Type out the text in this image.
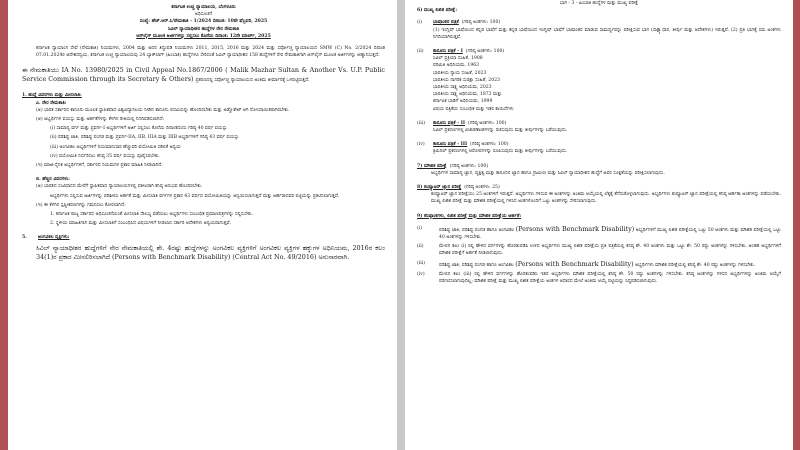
ಕರ್ನಾಟಕ ಉಚ್ಚ ನ್ಯಾಯಾಲಯ, ಬೆಂಗಳೂರು
ಅಧಿಸೂಚನೆ
ಸಂಖ್ಯೆ: ಹೆಚ್.ಆರ್.ಸಿ/ನೇಮಕಾತಿ - 1/2024 ದಿನಾಂಕ: 10ನೇ ಫೆಬ್ರವರಿ, 2025
ಸಿವಿಲ್ ನ್ಯಾಯಾಧೀಶರ ಹುದ್ದೆಗಳ ನೇರ ನೇಮಕಾತಿ
ಆನ್‌ಲೈನ್ ಮೂಲಕ ಅರ್ಜಿಗಳನ್ನು ಸಲ್ಲಿಸಲು ಕೊನೆಯ ದಿನಾಂಕ: 12ನೇ ಮಾರ್ಚ್, 2025
ಕರ್ನಾಟಕ ನ್ಯಾಯಾಂಗ ಸೇವೆ (ನೇಮಕಾತಿ) ನಿಯಮಗಳು, 2004 ಮತ್ತು ಅದರ ತಿದ್ದುಪಡಿ ನಿಯಮಗಳು 2011, 2015, 2016 ಮತ್ತು 2024 ಮತ್ತು ಸರ್ವೋಚ್ಚ ನ್ಯಾಯಾಲಯದ SMW (C) No. 2/2024 ದಿನಾಂಕ 07.01.2024ರ ಆದೇಶದನ್ವಯ, ಕರ್ನಾಟಕ ಉಚ್ಚ ನ್ಯಾಯಾಲಯವು 24 ಬ್ಯಾಕ್‌ಲಾಗ್ (ಹಿಂಬಾಕಿ) ಹುದ್ದೆಗಳೂ ಸೇರಿದಂತೆ ಸಿವಿಲ್ ನ್ಯಾಯಾಧೀಶರ 158 ಹುದ್ದೆಗಳಿಗೆ ನೇರ ನೇಮಕಾತಿಗಾಗಿ ಆನ್‌ಲೈನ್ ಮೂಲಕ ಅರ್ಜಿಗಳನ್ನು ಆಹ್ವಾನಿಸುತ್ತದೆ.
ಈ ನೇಮಕಾತಿಯು IA No. 13980/2025 in Civil Appeal No.1867/2006 ( Malik Mazhar Sultan & Another Vs. U.P. Public Service Commission through its Secretary & Others) ಪ್ರಕರಣದಲ್ಲಿ ಸರ್ವೋಚ್ಚ ನ್ಯಾಯಾಲಯದ ಅಂತಿಮ ತೀರ್ಮಾನಕ್ಕೆ ಒಳಪಟ್ಟಿರುತ್ತದೆ.
1. ಹುದ್ದೆ ವಿವರಗಳು ಮತ್ತು ಮೀಸಲಾತಿ:
ಎ. ನೇರ ನೇಮಕಾತಿ:
(ಅ) ಭಾರತ ಸರ್ಕಾರದ ಕಾನೂನು ಮೂಲಕ ಸ್ಥಾಪಿತವಾದ ವಿಶ್ವವಿದ್ಯಾನಿಲಯ ನೀಡಿದ ಕಾನೂನು ಪದವಿಯನ್ನು ಹೊಂದಿರಬೇಕು ಮತ್ತು ಅಡ್ವೊಕೇಟ್ ಆಗಿ ನೋಂದಾಯಿತರಾಗಿರಬೇಕು.
(ಆ) ಅಭ್ಯರ್ಥಿಗಳ ವಯಸ್ಸು ಮತ್ತು ಅರ್ಹತೆಗಳನ್ನು ಕೆಳಗಿನ ರೀತಿಯಲ್ಲಿ ನಿಗದಿಪಡಿಸಲಾಗಿದೆ:
(i) ಸಾಮಾನ್ಯ ವರ್ಗ ಮತ್ತು ಪ್ರವರ್ಗ-I ಅಭ್ಯರ್ಥಿಗಳಿಗೆ ಅರ್ಜಿ ಸಲ್ಲಿಸಲು ಕೊನೆಯ ದಿನಾಂಕದಂದು ಗರಿಷ್ಠ 40 ವರ್ಷ ವಯಸ್ಸು
(ii) ಪರಿಶಿಷ್ಟ ಜಾತಿ, ಪರಿಶಿಷ್ಟ ಪಂಗಡ ಮತ್ತು ಪ್ರವರ್ಗ-IIA, IIB, IIIA ಮತ್ತು IIIB ಅಭ್ಯರ್ಥಿಗಳಿಗೆ ಗರಿಷ್ಠ 43 ವರ್ಷ ವಯಸ್ಸು
(iii) ಅಂಗವಿಕಲ ಅಭ್ಯರ್ಥಿಗಳಿಗೆ ನಿಯಮಾನುಸಾರ ಹೆಚ್ಚುವರಿ ವಯೋಮಿತಿ ಸಡಿಲಿಕೆ ಅನ್ವಯ
(iv) ವಯೋಮಿತಿ ನಿರ್ಧರಿಸಲು ಕನಿಷ್ಠ 35 ವರ್ಷ ವಯಸ್ಸು ಪೂರೈಸಿರಬೇಕು.
(ಇ) ಮಾಜಿ-ಸೈನಿಕ ಅಭ್ಯರ್ಥಿಗಳಿಗೆ, ಸರ್ಕಾರದ ನಿಯಮಗಳ ಪ್ರಕಾರ ಮಾಹಿತಿ ನೀಡಲಾಗಿದೆ.
ಬಿ. ಹೆಚ್ಚಿನ ವಿವರಗಳು:
(ಅ) ಭಾರತದ ಸಂವಿಧಾನದ ಮೇರೆಗೆ ಸ್ಥಾಪಿತವಾದ ನ್ಯಾಯಾಲಯಗಳಲ್ಲಿ ವಕೀಲರಾಗಿ ಕನಿಷ್ಠ ಅನುಭವ ಹೊಂದಿರಬೇಕು.
ಅಭ್ಯರ್ಥಿಗಳು ಸಲ್ಲಿಸುವ ಅರ್ಜಿಗಳನ್ನು ಪರಿಶೀಲಿಸಿ ಅರ್ಹತೆ ಮತ್ತು ಮೀಸಲಾತಿ ವರ್ಗಗಳ ಪ್ರಕಾರ 43 ವರ್ಷದ ವಯೋಮಿತಿಯನ್ನು ಅನ್ವಯಿಸಲಾಗುತ್ತದೆ ಮತ್ತು ಅರ್ಹರಾದವರ ಪಟ್ಟಿಯನ್ನು ಪ್ರಕಟಿಸಲಾಗುತ್ತದೆ.
(ಇ) ಈ ಕೆಳಗಿನ ಸ್ಪಷ್ಟೀಕರಣಗಳನ್ನು ಗಮನಿಸಲು ಕೋರಲಾಗಿದೆ:
1. ಕರ್ನಾಟಕ ರಾಜ್ಯ ಸರ್ಕಾರದ ಅಧಿಸೂಚನೆಯಂತೆ ಮೀಸಲಾತಿ ಸೌಲಭ್ಯ ಪಡೆಯಲು ಅಭ್ಯರ್ಥಿಗಳು ಸಂಬಂಧಿತ ಪ್ರಮಾಣಪತ್ರಗಳನ್ನು ಸಲ್ಲಿಸಬೇಕು.
2. ಸ್ಥಳೀಯ ಮಾಹಿತಿಗಾಗಿ ಮತ್ತು ಮೀಸಲಾತಿಗೆ ಸಂಬಂಧಿಸಿದ ವಿಷಯಗಳಿಗೆ ನೀಡಲಾದ ಸರ್ಕಾರಿ ಆದೇಶಗಳು ಅನ್ವಯವಾಗುತ್ತವೆ.
5.	ಅಂಗವಿಕಲ ವ್ಯಕ್ತಿಗಳು:
ಸಿವಿಲ್ ನ್ಯಾಯಾಧೀಶರ ಹುದ್ದೆಗಳಿಗೆ ನೇರ ನೇಮಕಾತಿಯಲ್ಲಿ ಶೇ. 4ರಷ್ಟು ಹುದ್ದೆಗಳನ್ನು ಅಂಗವಿಕಲ ವ್ಯಕ್ತಿಗಳಿಗೆ ಅಂಗವಿಕಲ ವ್ಯಕ್ತಿಗಳ ಹಕ್ಕುಗಳ ಅಧಿನಿಯಮ, 2016ರ ಕಲಂ 34(1)ರ ಪ್ರಕಾರ ಮೀಸಲಿರಿಸಲಾಗಿದೆ (Persons with Benchmark Disability) (Central Act No. 49/2016) ಅನುಸಾರವಾಗಿ.
ಭಾಗ - 3 - ಹಿಂಬಾಕಿ ಹುದ್ದೆಗಳ ಮತ್ತು ಮುಖ್ಯ ಪರೀಕ್ಷೆ
6) ಮುಖ್ಯ ಲಿಖಿತ ಪರೀಕ್ಷೆ:
(i)	ಭಾಷಾಂತರ ಪತ್ರಿಕೆ (ಗರಿಷ್ಠ ಅಂಕಗಳು: 100)
(1) ಇಂಗ್ಲಿಷ್ ಭಾಷೆಯಿಂದ ಕನ್ನಡ ಭಾಷೆಗೆ ಮತ್ತು ಕನ್ನಡ ಭಾಷೆಯಿಂದ ಇಂಗ್ಲಿಷ್ ಭಾಷೆಗೆ ಭಾಷಾಂತರ ಮಾಡುವ ಸಾಮರ್ಥ್ಯವನ್ನು ಪರೀಕ್ಷಿಸುವ ಭಾಗ (ಸಾಕ್ಷ್ಯಾಧಾರ, ತೀರ್ಪು ಮತ್ತು ಆದೇಶಗಳು) ಇರುತ್ತವೆ. (2) ಪ್ರತಿ ಭಾಗಕ್ಕೆ ಸಮ ಅಂಕಗಳು ನಿಗದಿಯಾಗಿರುತ್ತವೆ.
(ii)	ಕಾನೂನು ಪತ್ರಿಕೆ - I (ಗರಿಷ್ಠ ಅಂಕಗಳು: 100)
ಸಿವಿಲ್ ಪ್ರಕ್ರಿಯಾ ಸಂಹಿತೆ, 1908
ಪರಿಮಿತಿ ಅಧಿನಿಯಮ, 1963
ಭಾರತೀಯ ನ್ಯಾಯ ಸಂಹಿತೆ, 2023
ಭಾರತೀಯ ನಾಗರಿಕ ಸುರಕ್ಷಾ ಸಂಹಿತೆ, 2023
ಭಾರತೀಯ ಸಾಕ್ಷ್ಯ ಅಧಿನಿಯಮ, 2023
ಭಾರತೀಯ ಸಾಕ್ಷ್ಯ ಅಧಿನಿಯಮ, 1872 ಮತ್ತು
ಕರ್ನಾಟಕ ಬಾಡಿಗೆ ಅಧಿನಿಯಮ, 1999
ವಿಷಯ ಪತ್ರಿಕೆಯ ಸಂಬಂಧಿತ ಮತ್ತು ಇತರ ಕಾಯಿದೆಗಳು
(iii)	ಕಾನೂನು ಪತ್ರಿಕೆ - II (ಗರಿಷ್ಠ ಅಂಕಗಳು: 100)
ಸಿವಿಲ್ ಪ್ರಕರಣಗಳಲ್ಲಿ ವಿಚಾರಣಾಂಶಗಳನ್ನು ರಚಿಸುವುದು ಮತ್ತು ತೀರ್ಪುಗಳನ್ನು ಬರೆಯುವುದು.
(iv)	ಕಾನೂನು ಪತ್ರಿಕೆ - III (ಗರಿಷ್ಠ ಅಂಕಗಳು: 100)
ಕ್ರಿಮಿನಲ್ ಪ್ರಕರಣಗಳಲ್ಲಿ ಆರೋಪಗಳನ್ನು ರೂಪಿಸುವುದು ಮತ್ತು ತೀರ್ಪುಗಳನ್ನು ಬರೆಯುವುದು.
7) ಮೌಖಿಕ ಪರೀಕ್ಷೆ (ಗರಿಷ್ಠ ಅಂಕಗಳು: 100)
ಅಭ್ಯರ್ಥಿಗಳ ಸಾಮಾನ್ಯ ಜ್ಞಾನ, ವ್ಯಕ್ತಿತ್ವ ಮತ್ತು ಕಾನೂನಿನ ಜ್ಞಾನ ಹಾಗೂ ಗ್ರಾಮೀಣ ಮತ್ತು ಸಿವಿಲ್ ನ್ಯಾಯಾಧೀಶರ ಹುದ್ದೆಗೆ ಅವರ ಸೂಕ್ತತೆಯನ್ನು ಪರೀಕ್ಷಿಸಲಾಗುವುದು.
8) ಕಂಪ್ಯೂಟರ್ ಜ್ಞಾನ ಪರೀಕ್ಷೆ (ಗರಿಷ್ಠ ಅಂಕಗಳು: 25)
ಕಂಪ್ಯೂಟರ್ ಜ್ಞಾನ ಪರೀಕ್ಷೆಯು 25 ಅಂಕಗಳಿಗೆ ಇರುತ್ತದೆ. ಅಭ್ಯರ್ಥಿಗಳು ಗಳಿಸುವ ಈ ಅಂಕಗಳನ್ನು ಅಂತಿಮ ಆಯ್ಕೆಯಲ್ಲಿ ಲೆಕ್ಕಕ್ಕೆ ತೆಗೆದುಕೊಳ್ಳಲಾಗುವುದು. ಅಭ್ಯರ್ಥಿಗಳು ಕಂಪ್ಯೂಟರ್ ಜ್ಞಾನ ಪರೀಕ್ಷೆಯಲ್ಲಿ ಕನಿಷ್ಠ ಅರ್ಹತಾ ಅಂಕಗಳನ್ನು ಪಡೆಯಬೇಕು. ಮುಖ್ಯ ಲಿಖಿತ ಪರೀಕ್ಷೆ ಮತ್ತು ಮೌಖಿಕ ಪರೀಕ್ಷೆಯಲ್ಲಿ ಗಳಿಸಿದ ಅಂಕಗಳೊಂದಿಗೆ ಒಟ್ಟು ಅಂಕಗಳನ್ನು ಸೇರಿಸಲಾಗುವುದು.
9) ಕನಿಷ್ಠಾಂಕಗಳು, ಲಿಖಿತ ಪರೀಕ್ಷೆ ಮತ್ತು ಮೌಖಿಕ ಪರೀಕ್ಷೆಯ ಅರ್ಹತೆ:
(i)	ಪರಿಶಿಷ್ಟ ಜಾತಿ, ಪರಿಶಿಷ್ಟ ಪಂಗಡ ಹಾಗೂ ಅಂಗವಿಕಲ (Persons with Benchmark Disability) ಅಭ್ಯರ್ಥಿಗಳಿಗೆ ಮುಖ್ಯ ಲಿಖಿತ ಪರೀಕ್ಷೆಯಲ್ಲಿ ಒಟ್ಟು 50 ಅಂಕಗಳು ಮತ್ತು ಮೌಖಿಕ ಪರೀಕ್ಷೆಯಲ್ಲಿ ಒಟ್ಟು 40 ಅಂಕಗಳನ್ನು ಗಳಿಸಬೇಕು.
(ii)	ಮೇಲಿನ ಕಲಂ (i) ರಲ್ಲಿ ಹೇಳಿದ ವರ್ಗಗಳನ್ನು ಹೊರತುಪಡಿಸಿ ಉಳಿದ ಅಭ್ಯರ್ಥಿಗಳು ಮುಖ್ಯ ಲಿಖಿತ ಪರೀಕ್ಷೆಯ ಪ್ರತಿ ಪತ್ರಿಕೆಯಲ್ಲಿ ಕನಿಷ್ಠ ಶೇ. 40 ಅಂಕಗಳು ಮತ್ತು ಒಟ್ಟು ಶೇ. 50 ರಷ್ಟು ಅಂಕಗಳನ್ನು ಗಳಿಸಬೇಕು. ಅಂತಹ ಅಭ್ಯರ್ಥಿಗಳಿಗೆ ಮೌಖಿಕ ಪರೀಕ್ಷೆಗೆ ಅರ್ಹತೆ ನೀಡಲಾಗುವುದು.
(iii)	ಪರಿಶಿಷ್ಟ ಜಾತಿ, ಪರಿಶಿಷ್ಟ ಪಂಗಡ ಹಾಗೂ ಅಂಗವಿಕಲ (Persons with Benchmark Disability) ಅಭ್ಯರ್ಥಿಗಳು ಮೌಖಿಕ ಪರೀಕ್ಷೆಯಲ್ಲಿ ಕನಿಷ್ಠ ಶೇ. 40 ರಷ್ಟು ಅಂಕಗಳನ್ನು ಗಳಿಸಬೇಕು.
(iv)	ಮೇಲಿನ ಕಲಂ (iii) ರಲ್ಲಿ ಹೇಳಿದ ವರ್ಗಗಳನ್ನು ಹೊರತುಪಡಿಸಿ ಇತರ ಅಭ್ಯರ್ಥಿಗಳು ಮೌಖಿಕ ಪರೀಕ್ಷೆಯಲ್ಲಿ ಕನಿಷ್ಠ ಶೇ. 50 ರಷ್ಟು ಅಂಕಗಳನ್ನು ಗಳಿಸಬೇಕು. ಕನಿಷ್ಠ ಅಂಕಗಳನ್ನು ಗಳಿಸದ ಅಭ್ಯರ್ಥಿಗಳನ್ನು ಅಂತಿಮ ಆಯ್ಕೆಗೆ ಪರಿಗಣಿಸಲಾಗುವುದಿಲ್ಲ; ಮೌಖಿಕ ಪರೀಕ್ಷೆ ಮತ್ತು ಮುಖ್ಯ ಲಿಖಿತ ಪರೀಕ್ಷೆಯ ಅಂಕಗಳ ಆಧಾರದ ಮೇಲೆ ಅಂತಿಮ ಆಯ್ಕೆ ಪಟ್ಟಿಯನ್ನು ಸಿದ್ಧಪಡಿಸಲಾಗುವುದು.
